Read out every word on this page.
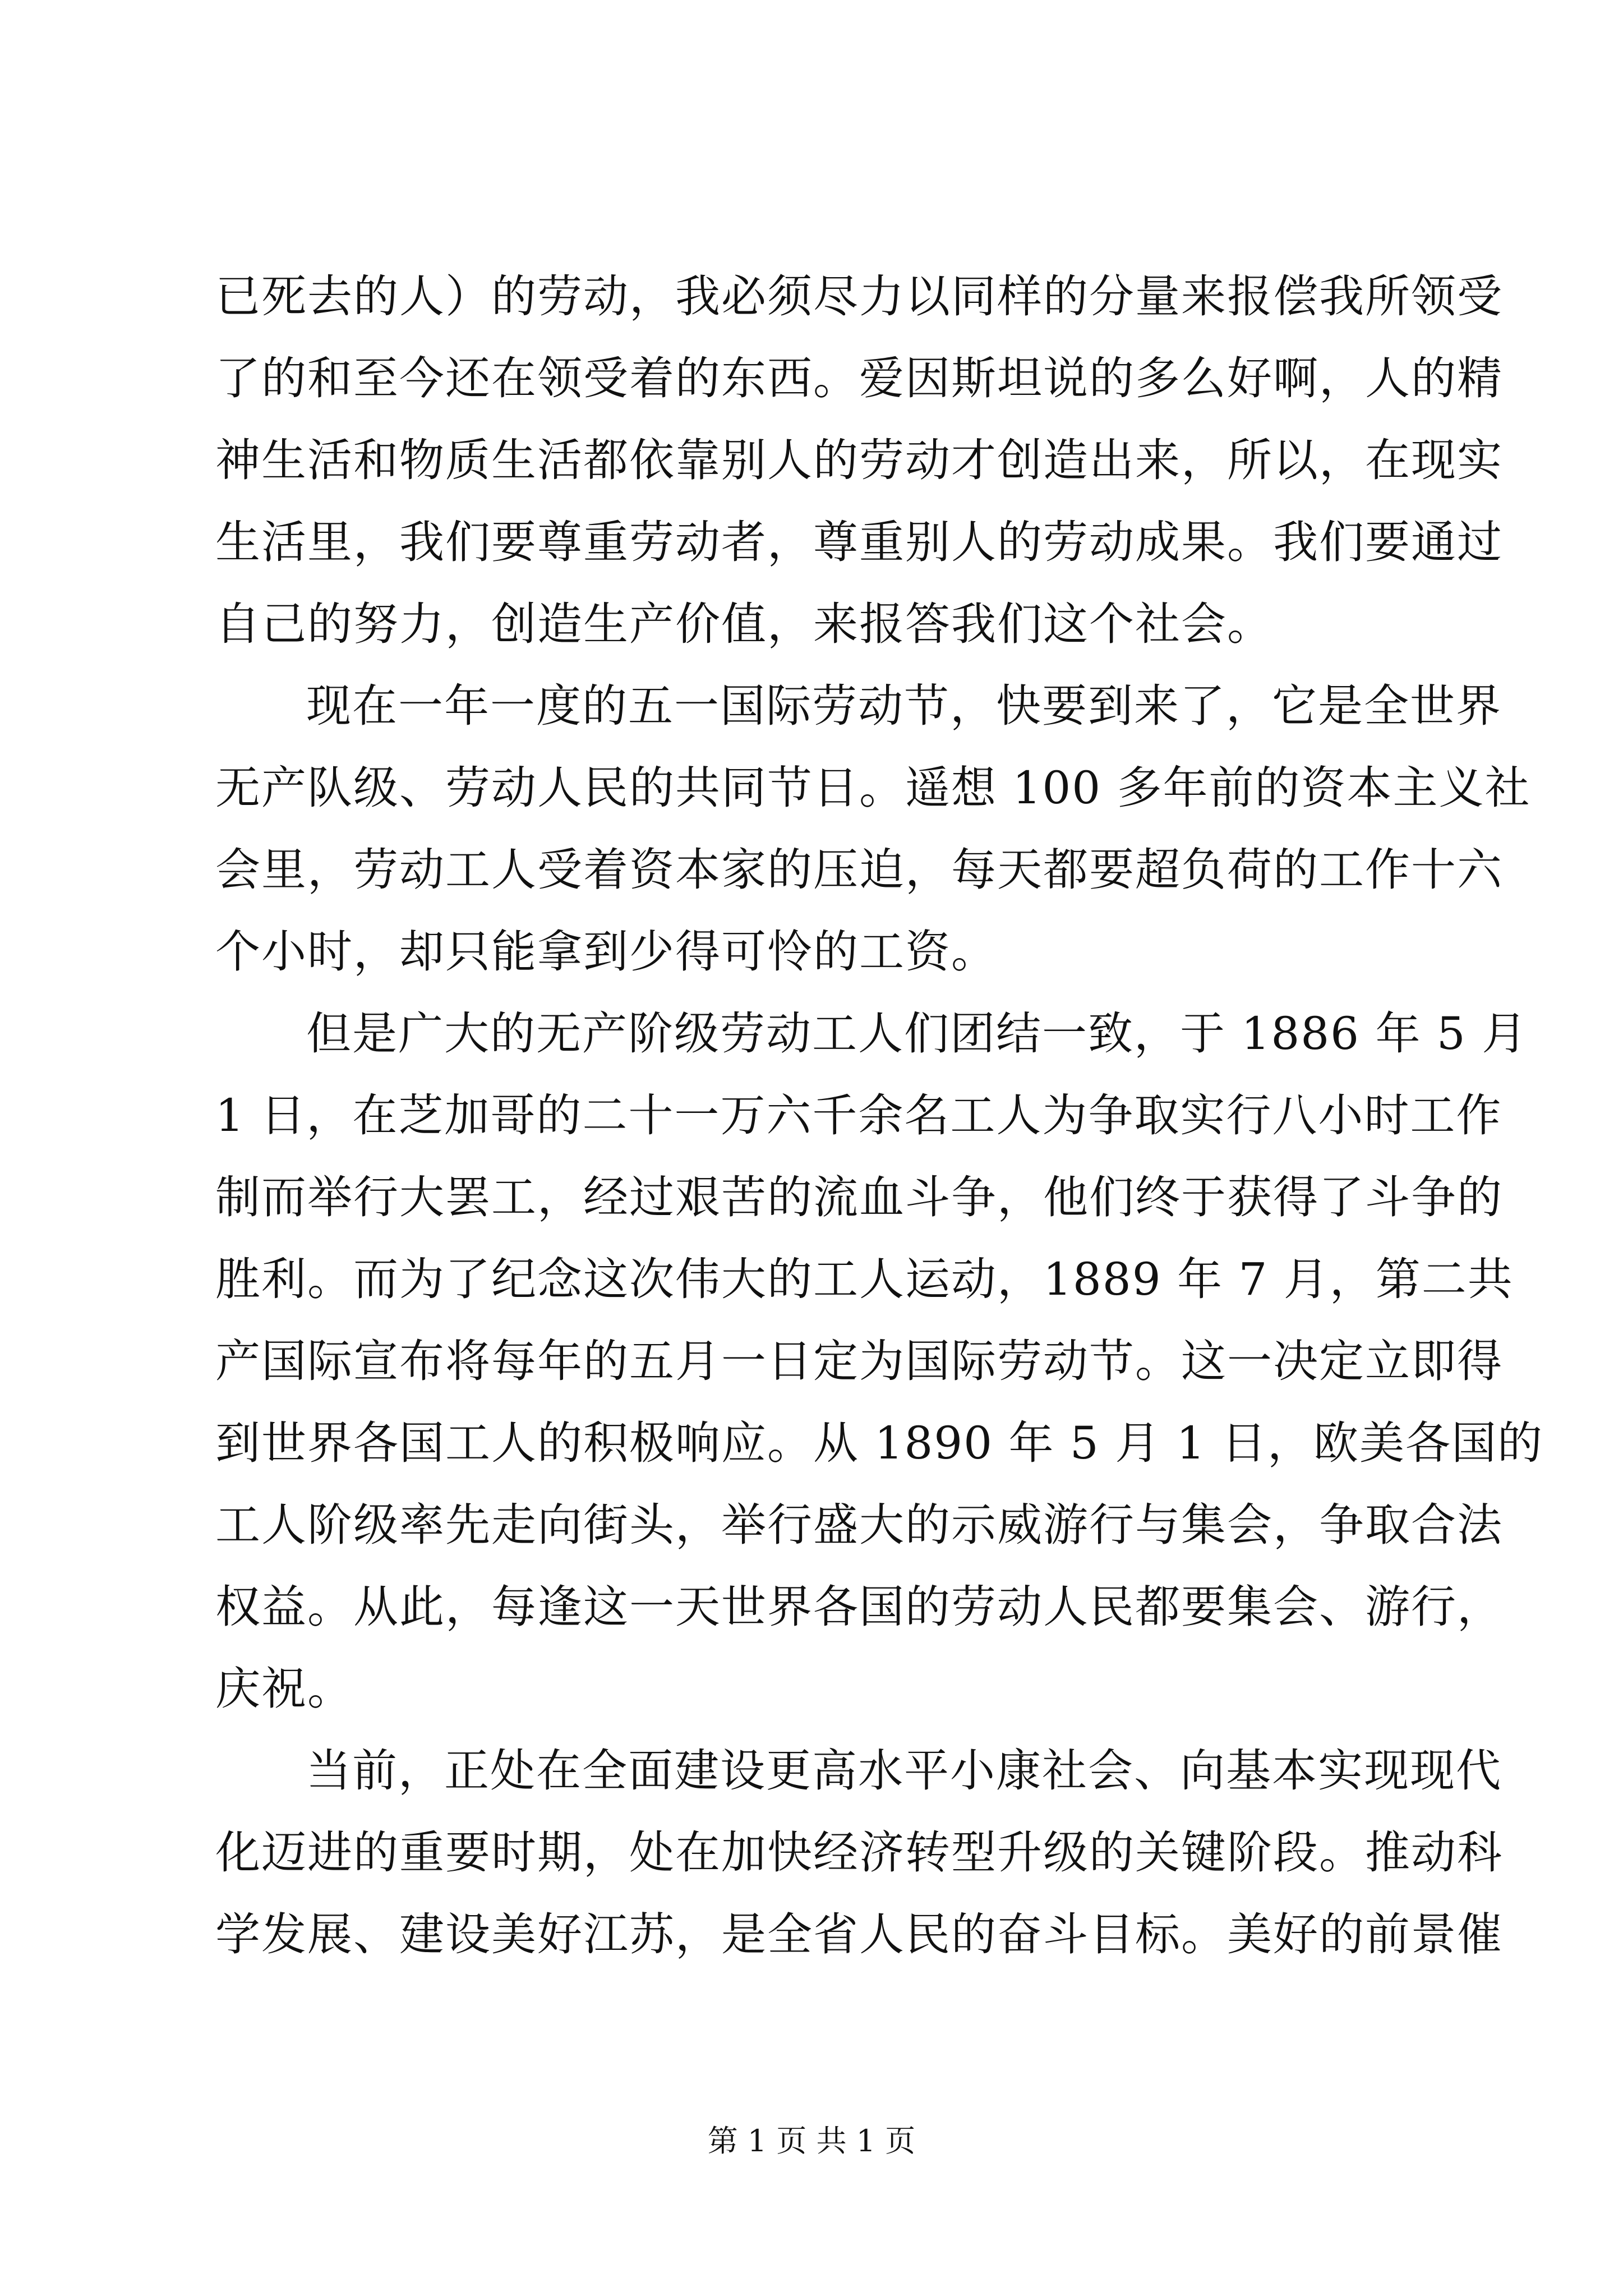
已死去的人）的劳动，我必须尽力以同样的分量来报偿我所领受
了的和至今还在领受着的东西。爱因斯坦说的多么好啊，人的精
神生活和物质生活都依靠别人的劳动才创造出来，所以，在现实
生活里，我们要尊重劳动者，尊重别人的劳动成果。我们要通过
自己的努力，创造生产价值，来报答我们这个社会。
现在一年一度的五一国际劳动节，快要到来了，它是全世界
无产队级、劳动人民的共同节日。遥想 100 多年前的资本主义社
会里，劳动工人受着资本家的压迫，每天都要超负荷的工作十六
个小时，却只能拿到少得可怜的工资。
但是广大的无产阶级劳动工人们团结一致，于 1886 年 5 月
1 日，在芝加哥的二十一万六千余名工人为争取实行八小时工作
制而举行大罢工，经过艰苦的流血斗争，他们终于获得了斗争的
胜利。而为了纪念这次伟大的工人运动，1889 年 7 月，第二共
产国际宣布将每年的五月一日定为国际劳动节。这一决定立即得
到世界各国工人的积极响应。从 1890 年 5 月 1 日，欧美各国的
工人阶级率先走向街头，举行盛大的示威游行与集会，争取合法
权益。从此，每逢这一天世界各国的劳动人民都要集会、游行，
庆祝。
当前，正处在全面建设更高水平小康社会、向基本实现现代
化迈进的重要时期，处在加快经济转型升级的关键阶段。推动科
学发展、建设美好江苏，是全省人民的奋斗目标。美好的前景催
第 1 页 共 1 页
